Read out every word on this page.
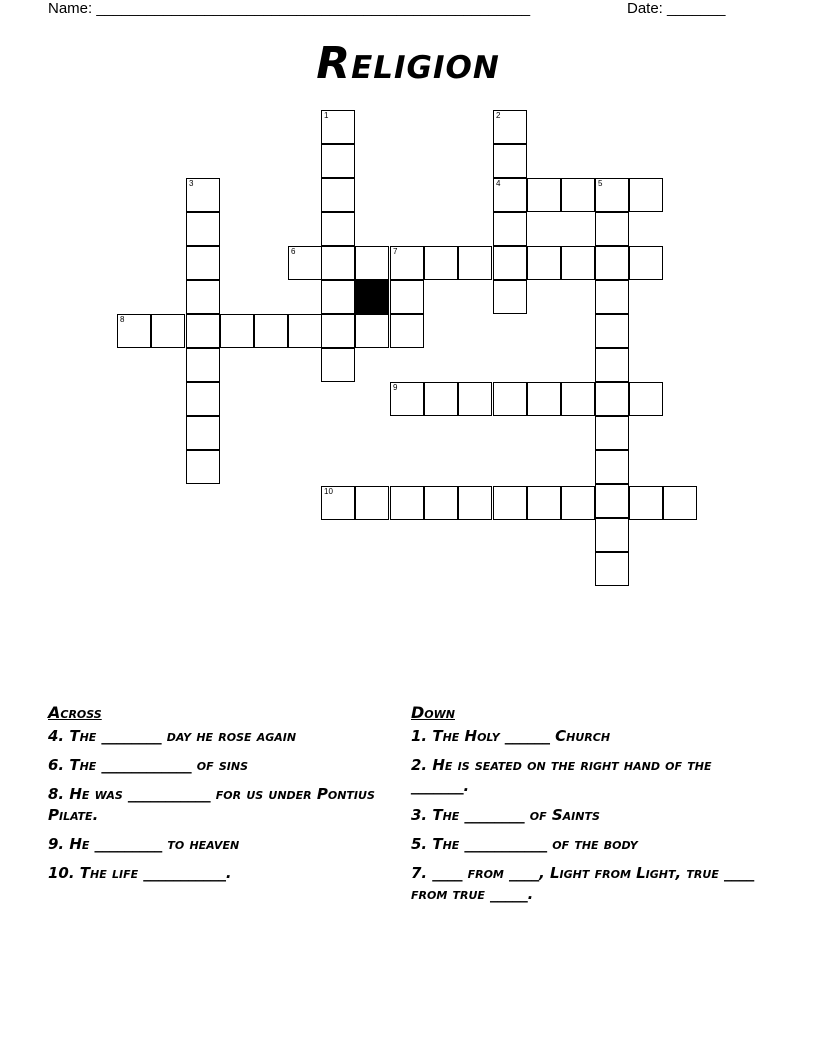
Name: ____________________________________________________	Date: _______
Religion
1	2
4
3	5
6	7
8
9
10
Across
4. The ________ day he rose again
6. The ____________ of sins
8. He was ___________ for us under Pontius Pilate.
9. He _________ to heaven
10. The life ___________.
Down
1. The Holy ______ Church
2. He is seated on the right hand of the _______.
3. The ________ of Saints
5. The ___________ of the body
7. ____ from ____, Light from Light, true ____ from true _____.
